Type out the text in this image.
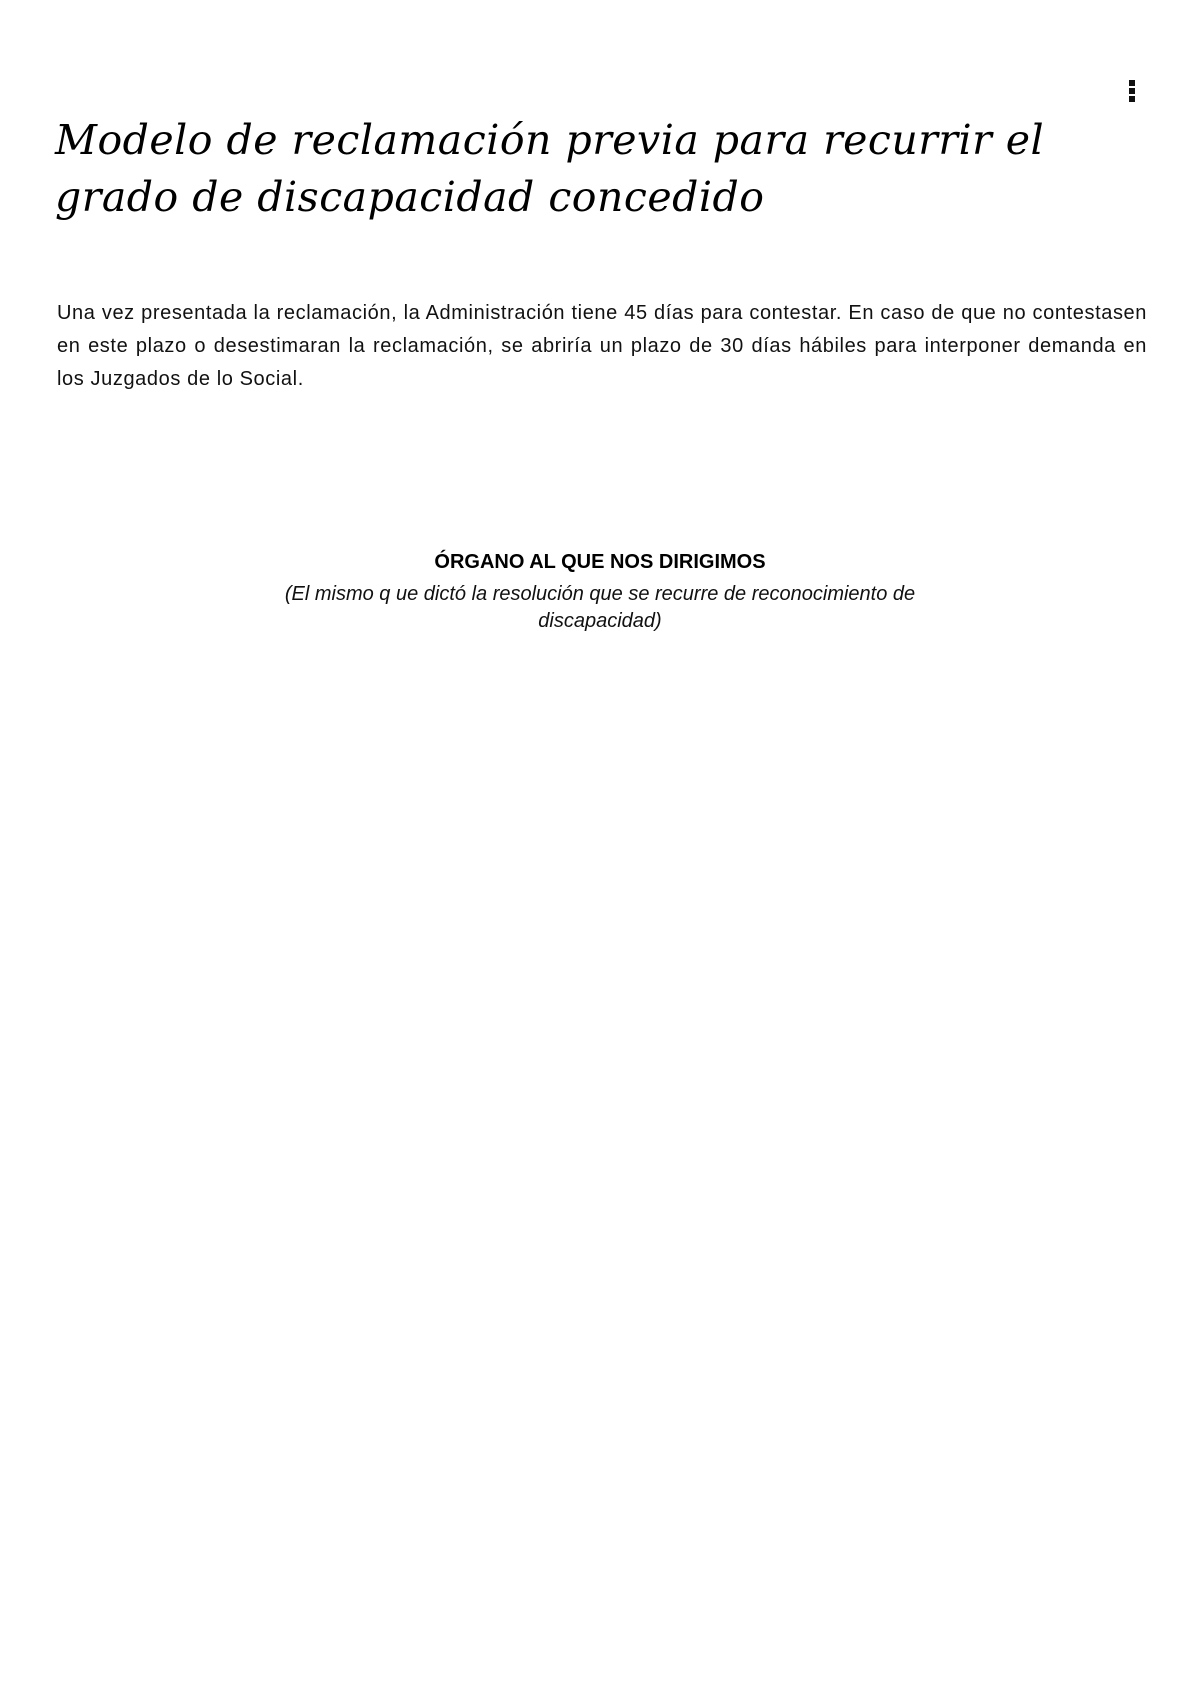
Modelo de reclamación previa para recurrir el grado de discapacidad concedido

Una vez presentada la reclamación, la Administración tiene 45 días para contestar. En caso de que no contestasen en este plazo o desestimaran la reclamación, se abriría un plazo de 30 días hábiles para interponer demanda en los Juzgados de lo Social.

ÓRGANO AL QUE NOS DIRIGIMOS

(El mismo q ue dictó la resolución que se recurre de reconocimiento de discapacidad)
